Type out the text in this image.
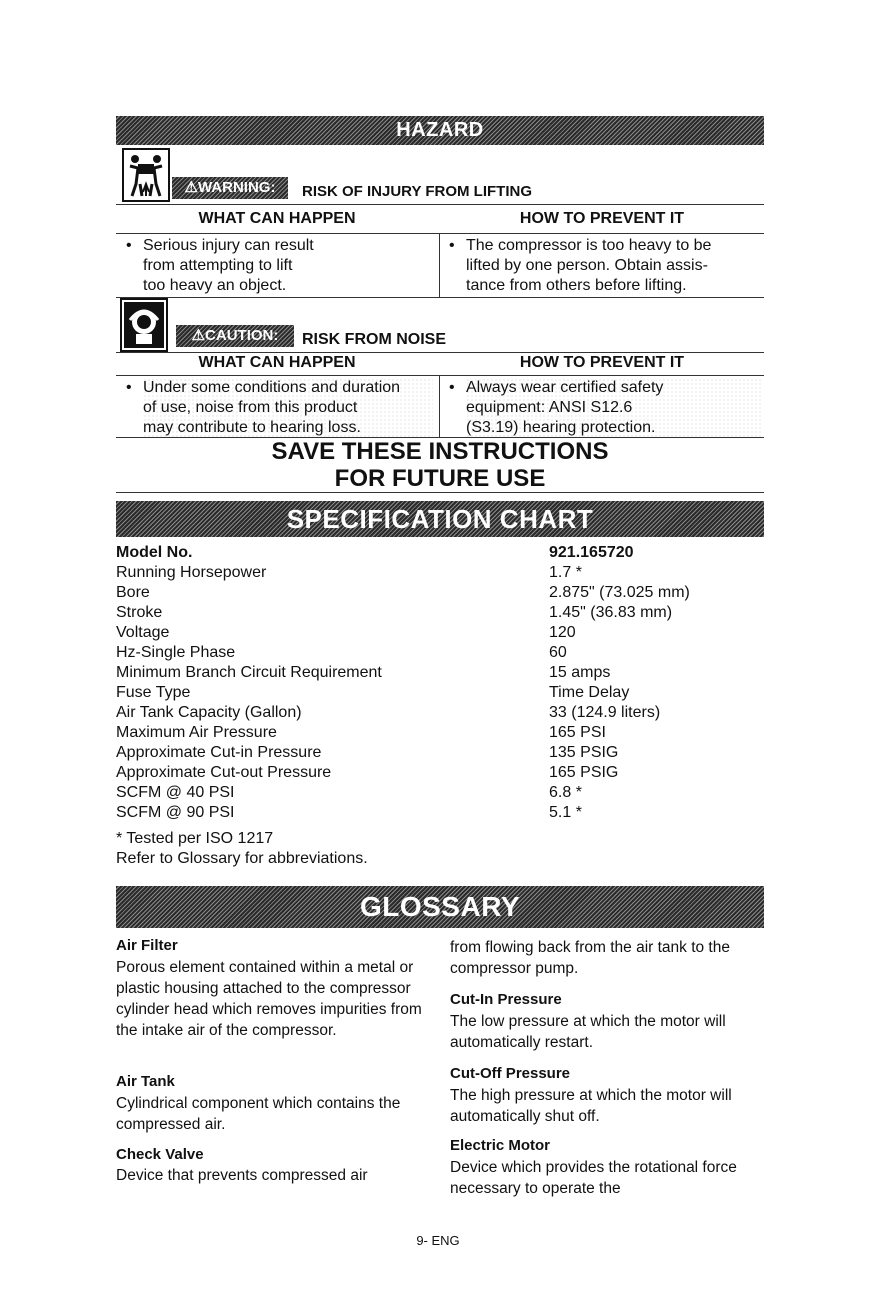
HAZARD
⚠WARNING:	RISK OF INJURY FROM LIFTING
WHAT CAN HAPPEN	HOW TO PREVENT IT
• Serious injury can result
from attempting to lift
too heavy an object.
• The compressor is too heavy to be
lifted by one person. Obtain assis-
tance from others before lifting.
⚠CAUTION:	RISK FROM NOISE
WHAT CAN HAPPEN	HOW TO PREVENT IT
• Under some conditions and duration
of use, noise from this product
may contribute to hearing loss.
• Always wear certified safety
equipment: ANSI S12.6
(S3.19) hearing protection.
SAVE THESE INSTRUCTIONS
FOR FUTURE USE
SPECIFICATION CHART
Model No.	921.165720
Running Horsepower	1.7 *
Bore	2.875" (73.025 mm)
Stroke	1.45" (36.83 mm)
Voltage	120
Hz-Single Phase	60
Minimum Branch Circuit Requirement	15 amps
Fuse Type	Time Delay
Air Tank Capacity (Gallon)	33 (124.9 liters)
Maximum Air Pressure	165 PSI
Approximate Cut-in Pressure	135 PSIG
Approximate Cut-out Pressure	165 PSIG
SCFM @ 40 PSI	6.8 *
SCFM @ 90 PSI	5.1 *
* Tested per ISO 1217
Refer to Glossary for abbreviations.
GLOSSARY
Air Filter
Porous element contained within a metal or plastic housing attached to the compressor cylinder head which removes impurities from the intake air of the compressor.
Air Tank
Cylindrical component which contains the compressed air.
Check Valve
Device that prevents compressed air
from flowing back from the air tank to the compressor pump.
Cut-In Pressure
The low pressure at which the motor will automatically restart.
Cut-Off Pressure
The high pressure at which the motor will automatically shut off.
Electric Motor
Device which provides the rotational force necessary to operate the
9- ENG
